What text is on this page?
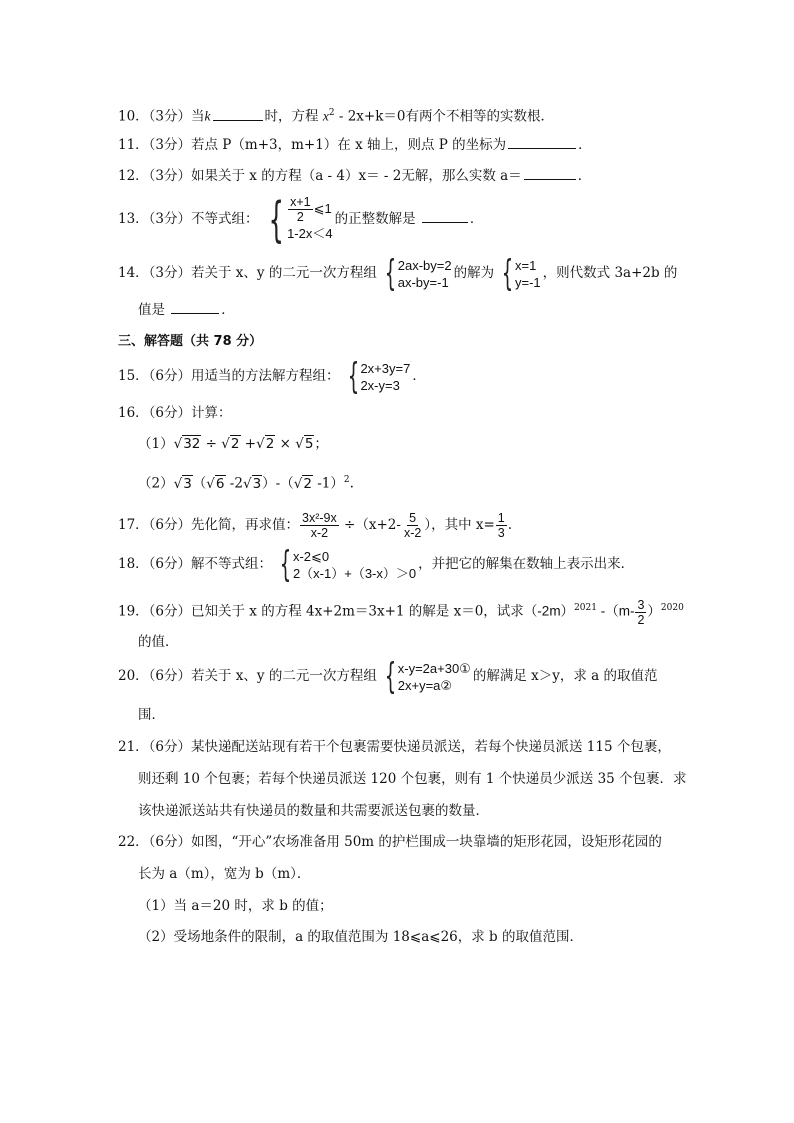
10．（3分）当k	时，方程 $x^2 - 2x+k=0$有两个不相等的实数根．
11．（3分）若点 P（m+3，m+1）在 x 轴上，则点 P 的坐标为	．
12．（3分）如果关于 x 的方程（a - 4）x＝ - 2无解，那么实数 a＝	．
13．（3分）不等式组： { $\frac{x+1}{2}$ ⩽1
1-2x＜4
的正整数解是	．
14．（3分）若关于 x、y 的二元一次方程组 { 2ax-by=2
ax-by=-1
的解为 { x=1
y=-1
，则代数式 3a+2b 的
值是	．
三、解答题（共 78 分）
15．（6分）用适当的方法解方程组： { 2x+3y=7
2x-y=3
．
16．（6分）计算：
（1）√32 ÷ √2 +√2 × √5；
（2）√3（√6 -2√3）-（√2 -1）$^2$.
17．（6分）先化简，再求值： $\frac{\text{3x²-9x}}{x-2} \div(x+2- \frac{5}{x-2}$ ），其中 $x= \frac{1}{3}$ .
18．（6分）解不等式组： { x-2⩽0
2（x-1）+（3-x）＞0
，并把它的解集在数轴上表示出来．
19．（6分）已知关于 x 的方程 4x+2m＝3x+1 的解是 x＝0，试求$(-2m)^{2021}$ $-(m- \frac{3}{2} )^{2020}$
的值．
20．（6分）若关于 x、y 的二元一次方程组 { x-y=2a+30①
2x+y=a②
的解满足 x＞y，求 a 的取值范
围．
21．（6分）某快递配送站现有若干个包裹需要快递员派送，若每个快递员派送 115 个包裹，
则还剩 10 个包裹；若每个快递员派送 120 个包裹，则有 1 个快递员少派送 35 个包裹．求
该快递派送站共有快递员的数量和共需要派送包裹的数量．
22．（6分）如图，“开心”农场准备用 50m 的护栏围成一块靠墙的矩形花园，设矩形花园的
长为 a（m），宽为 b（m）．
（1）当 a＝20 时，求 b 的值；
（2）受场地条件的限制，a 的取值范围为 18⩽a⩽26，求 b 的取值范围．
